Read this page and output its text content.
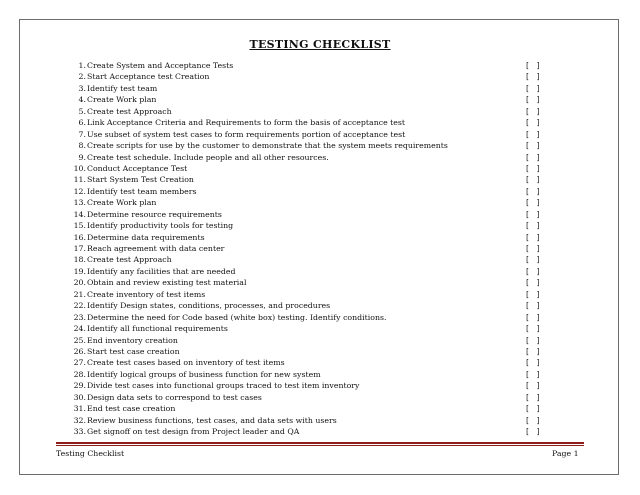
TESTING CHECKLIST
1. Create System and Acceptance Tests	[ ]
2. Start Acceptance test Creation	[ ]
3. Identify test team	[ ]
4. Create Work plan	[ ]
5. Create test Approach	[ ]
6. Link Acceptance Criteria and Requirements to form the basis of acceptance test	[ ]
7. Use subset of system test cases to form requirements portion of acceptance test	[ ]
8. Create scripts for use by the customer to demonstrate that the system meets requirements	[ ]
9. Create test schedule. Include people and all other resources.	[ ]
10. Conduct Acceptance Test	[ ]
11. Start System Test Creation	[ ]
12. Identify test team members	[ ]
13. Create Work plan	[ ]
14. Determine resource requirements	[ ]
15. Identify productivity tools for testing	[ ]
16. Determine data requirements	[ ]
17. Reach agreement with data center	[ ]
18. Create test Approach	[ ]
19. Identify any facilities that are needed	[ ]
20. Obtain and review existing test material	[ ]
21. Create inventory of test items	[ ]
22. Identify Design states, conditions, processes, and procedures	[ ]
23. Determine the need for Code based (white box) testing. Identify conditions.	[ ]
24. Identify all functional requirements	[ ]
25. End inventory creation	[ ]
26. Start test case creation	[ ]
27. Create test cases based on inventory of test items	[ ]
28. Identify logical groups of business function for new system	[ ]
29. Divide test cases into functional groups traced to test item inventory	[ ]
30. Design data sets to correspond to test cases	[ ]
31. End test case creation	[ ]
32. Review business functions, test cases, and data sets with users	[ ]
33. Get signoff on test design from Project leader and QA	[ ]
Testing Checklist	Page 1
